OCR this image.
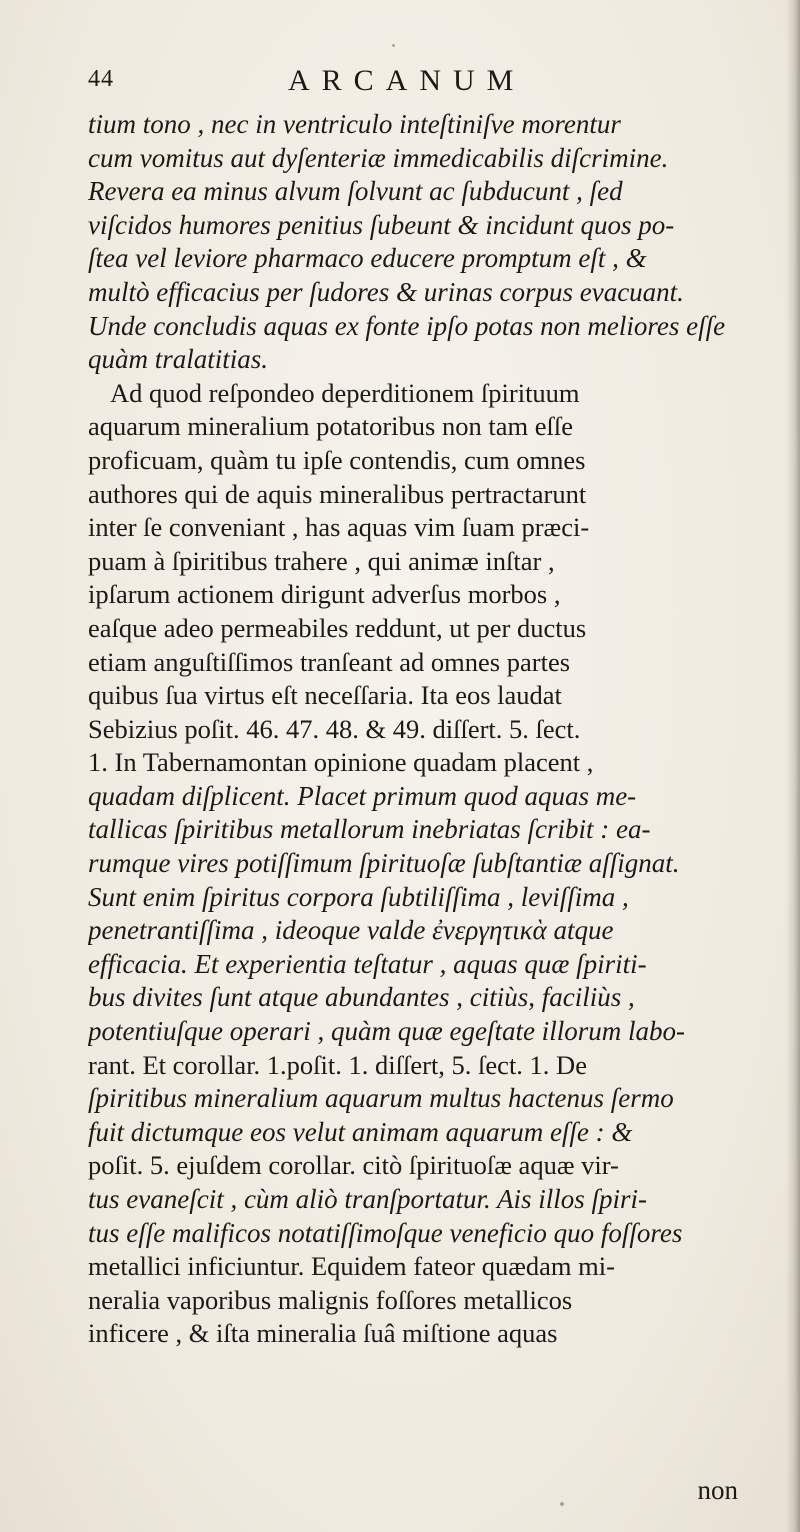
44	ARCANUM
tium tono , nec in ventriculo inteſtiniſve morentur
cum vomitus aut dyſenteriæ immedicabilis diſcrimine.
Revera ea minus alvum ſolvunt ac ſubducunt , ſed
viſcidos humores penitius ſubeunt & incidunt quos po-
ſtea vel leviore pharmaco educere promptum eſt , &
multò efficacius per ſudores & urinas corpus evacuant.
Unde concludis aquas ex fonte ipſo potas non meliores eſſe
quàm tralatitias.
Ad quod reſpondeo deperditionem ſpirituum
aquarum mineralium potatoribus non tam eſſe
proficuam, quàm tu ipſe contendis, cum omnes
authores qui de aquis mineralibus pertractarunt
inter ſe conveniant , has aquas vim ſuam præci-
puam à ſpiritibus trahere , qui animæ inſtar ,
ipſarum actionem dirigunt adverſus morbos ,
eaſque adeo permeabiles reddunt, ut per ductus
etiam anguſtiſſimos tranſeant ad omnes partes
quibus ſua virtus eſt neceſſaria. Ita eos laudat
Sebizius poſit. 46. 47. 48. & 49. diſſert. 5. ſect.
1. In Tabernamontan opinione quadam placent ,
quadam diſplicent. Placet primum quod aquas me-
tallicas ſpiritibus metallorum inebriatas ſcribit : ea-
rumque vires potiſſimum ſpirituoſæ ſubſtantiæ aſſignat.
Sunt enim ſpiritus corpora ſubtiliſſima , leviſſima ,
penetrantiſſima , ideoque valde ἐνεργητικὰ atque
efficacia. Et experientia teſtatur , aquas quæ ſpiriti-
bus divites ſunt atque abundantes , citiùs, faciliùs ,
potentiuſque operari , quàm quæ egeſtate illorum labo-
rant. Et corollar. 1.poſit. 1. diſſert, 5. ſect. 1. De
ſpiritibus mineralium aquarum multus hactenus ſermo
fuit dictumque eos velut animam aquarum eſſe : &
poſit. 5. ejuſdem corollar. citò ſpirituoſæ aquæ vir-
tus evaneſcit , cùm aliò tranſportatur. Ais illos ſpiri-
tus eſſe malificos notatiſſimoſque veneficio quo foſſores
metallici inficiuntur. Equidem fateor quædam mi-
neralia vaporibus malignis foſſores metallicos
inficere , & iſta mineralia ſuâ miſtione aquas
non
